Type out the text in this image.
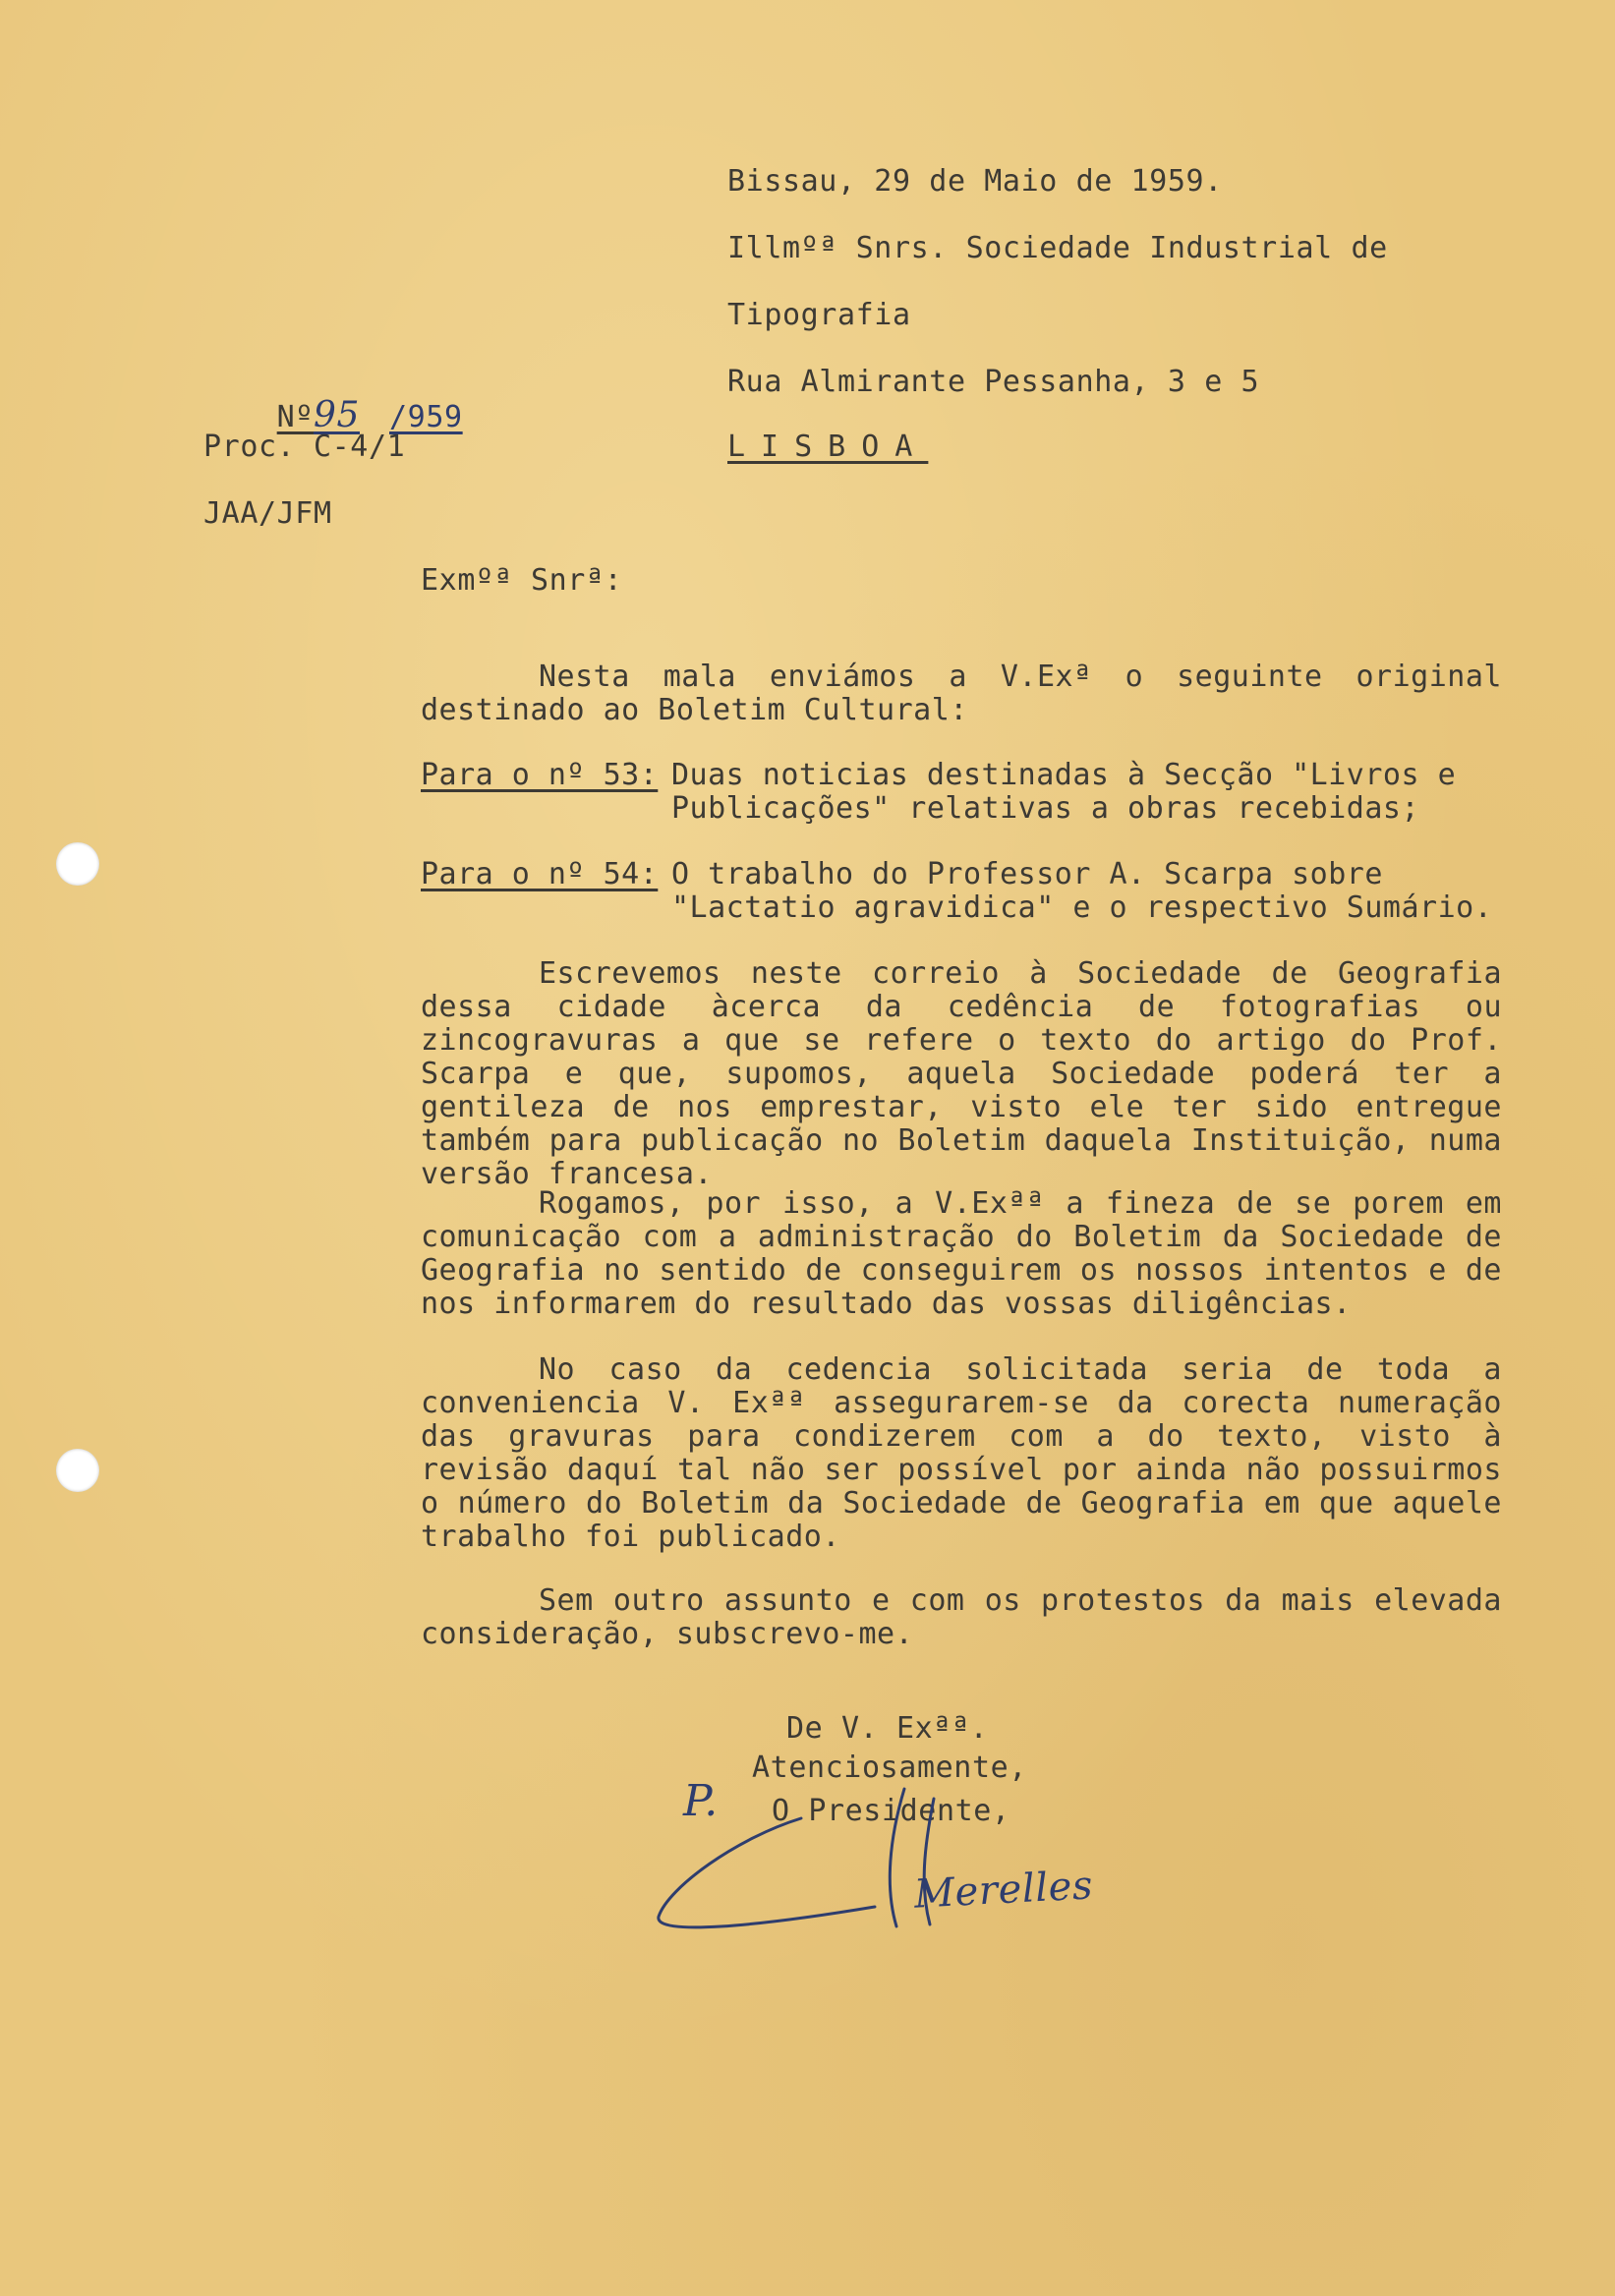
Bissau, 29 de Maio de 1959.

Illmºª Snrs. Sociedade Industrial de

Tipografia

Rua Almirante Pessanha, 3 e 5

LISBOA

Nº95 /959

Proc. C-4/1

JAA/JFM

Exmºª Snrª:

Nesta mala enviámos a V.Exª o seguinte original destinado ao Boletim Cultural:

Para o nº 53: Duas noticias destinadas à Secção "Livros e Publicações" relativas a obras recebidas;
Para o nº 54: O trabalho do Professor A. Scarpa sobre "Lactatio agravidica" e o respectivo Sumário.

Escrevemos neste correio à Sociedade de Geografia dessa cidade àcerca da cedência de fotografias ou zincogravuras a que se refere o texto do artigo do Prof. Scarpa e que, supomos, aquela Sociedade poderá ter a gentileza de nos emprestar, visto ele ter sido entregue também para publicação no Boletim daquela Instituição, numa versão francesa.

Rogamos, por isso, a V.Exªª a fineza de se porem em comunicação com a administração do Boletim da Sociedade de Geografia no sentido de conseguirem os nossos intentos e de nos informarem do resultado das vossas diligências.

No caso da cedencia solicitada seria de toda a conveniencia V. Exªª assegurarem-se da corecta numeração das gravuras para condizerem com a do texto, visto à revisão daquí tal não ser possível por ainda não possuirmos o número do Boletim da Sociedade de Geografia em que aquele trabalho foi publicado.

Sem outro assunto e com os protestos da mais elevada consideração, subscrevo-me.

De V. Exªª.

Atenciosamente,

O Presidente,

P.
Merelles
